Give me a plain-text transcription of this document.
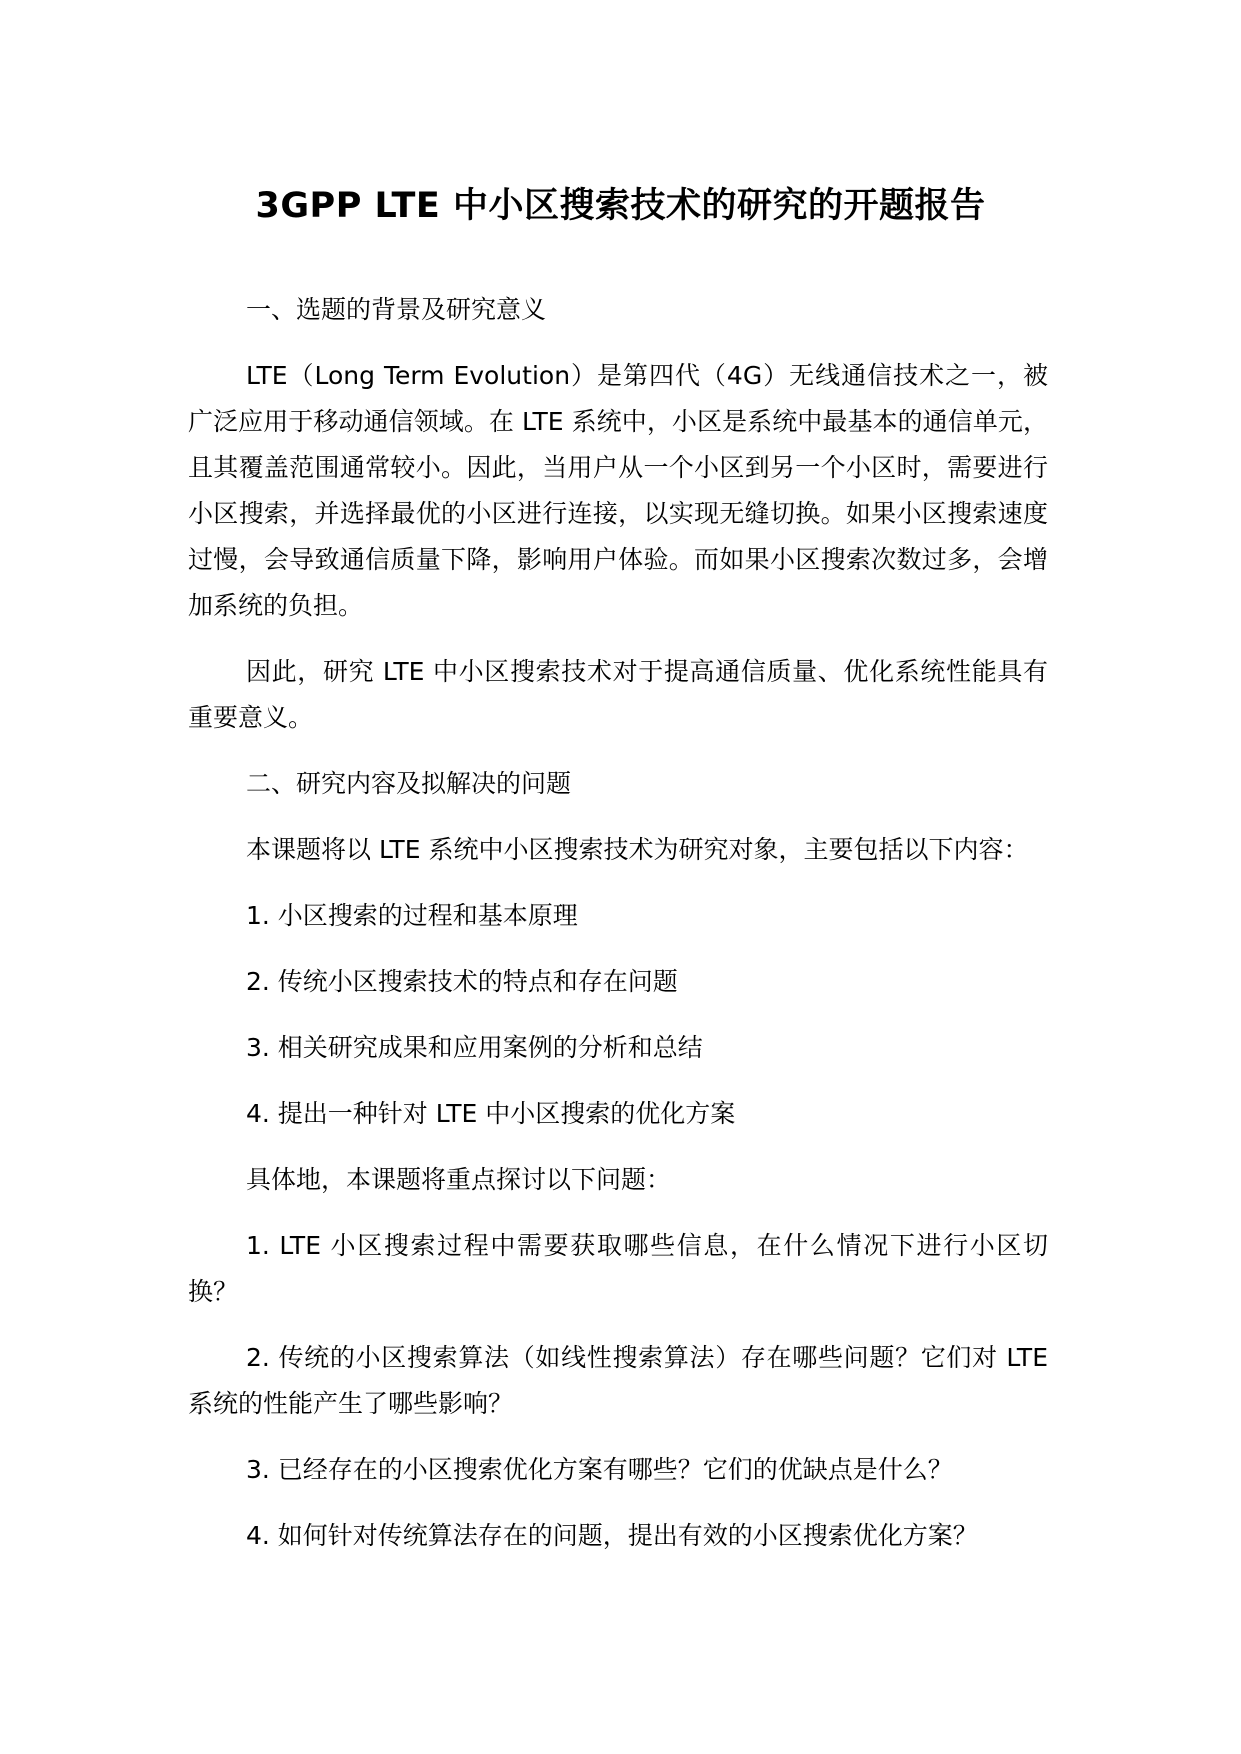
3GPP LTE 中小区搜索技术的研究的开题报告

一、选题的背景及研究意义

LTE（Long Term Evolution）是第四代（4G）无线通信技术之一，被广泛应用于移动通信领域。在 LTE 系统中，小区是系统中最基本的通信单元，且其覆盖范围通常较小。因此，当用户从一个小区到另一个小区时，需要进行小区搜索，并选择最优的小区进行连接，以实现无缝切换。如果小区搜索速度过慢，会导致通信质量下降，影响用户体验。而如果小区搜索次数过多，会增加系统的负担。

因此，研究 LTE 中小区搜索技术对于提高通信质量、优化系统性能具有重要意义。

二、研究内容及拟解决的问题

本课题将以 LTE 系统中小区搜索技术为研究对象，主要包括以下内容：

1. 小区搜索的过程和基本原理

2. 传统小区搜索技术的特点和存在问题

3. 相关研究成果和应用案例的分析和总结

4. 提出一种针对 LTE 中小区搜索的优化方案

具体地，本课题将重点探讨以下问题：

1. LTE 小区搜索过程中需要获取哪些信息，在什么情况下进行小区切换？

2. 传统的小区搜索算法（如线性搜索算法）存在哪些问题？它们对 LTE 系统的性能产生了哪些影响？

3. 已经存在的小区搜索优化方案有哪些？它们的优缺点是什么？

4. 如何针对传统算法存在的问题，提出有效的小区搜索优化方案？
